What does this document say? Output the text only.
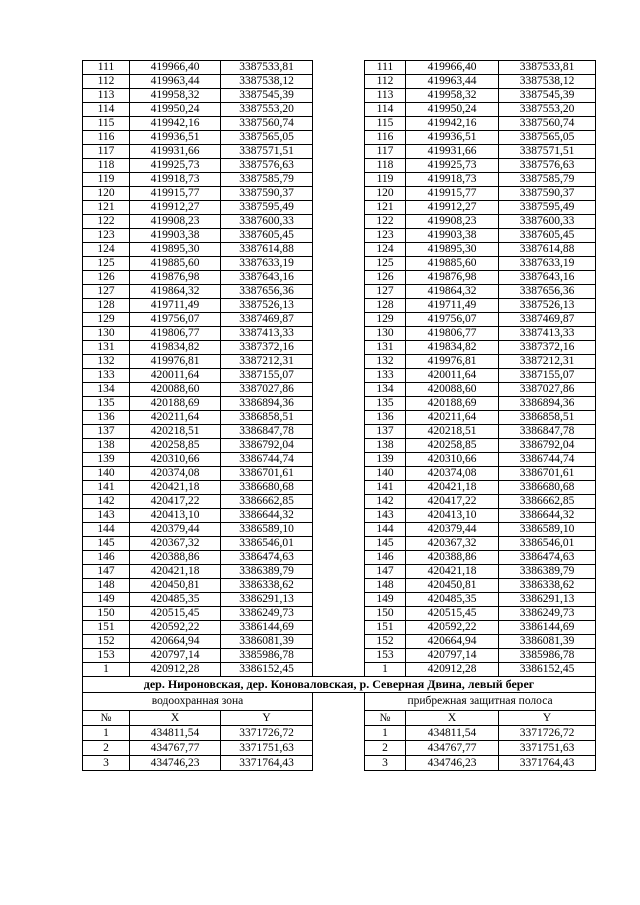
111	419966,40	3387533,81		111	419966,40	3387533,81
112	419963,44	3387538,12		112	419963,44	3387538,12
113	419958,32	3387545,39		113	419958,32	3387545,39
114	419950,24	3387553,20		114	419950,24	3387553,20
115	419942,16	3387560,74		115	419942,16	3387560,74
116	419936,51	3387565,05		116	419936,51	3387565,05
117	419931,66	3387571,51		117	419931,66	3387571,51
118	419925,73	3387576,63		118	419925,73	3387576,63
119	419918,73	3387585,79		119	419918,73	3387585,79
120	419915,77	3387590,37		120	419915,77	3387590,37
121	419912,27	3387595,49		121	419912,27	3387595,49
122	419908,23	3387600,33		122	419908,23	3387600,33
123	419903,38	3387605,45		123	419903,38	3387605,45
124	419895,30	3387614,88		124	419895,30	3387614,88
125	419885,60	3387633,19		125	419885,60	3387633,19
126	419876,98	3387643,16		126	419876,98	3387643,16
127	419864,32	3387656,36		127	419864,32	3387656,36
128	419711,49	3387526,13		128	419711,49	3387526,13
129	419756,07	3387469,87		129	419756,07	3387469,87
130	419806,77	3387413,33		130	419806,77	3387413,33
131	419834,82	3387372,16		131	419834,82	3387372,16
132	419976,81	3387212,31		132	419976,81	3387212,31
133	420011,64	3387155,07		133	420011,64	3387155,07
134	420088,60	3387027,86		134	420088,60	3387027,86
135	420188,69	3386894,36		135	420188,69	3386894,36
136	420211,64	3386858,51		136	420211,64	3386858,51
137	420218,51	3386847,78		137	420218,51	3386847,78
138	420258,85	3386792,04		138	420258,85	3386792,04
139	420310,66	3386744,74		139	420310,66	3386744,74
140	420374,08	3386701,61		140	420374,08	3386701,61
141	420421,18	3386680,68		141	420421,18	3386680,68
142	420417,22	3386662,85		142	420417,22	3386662,85
143	420413,10	3386644,32		143	420413,10	3386644,32
144	420379,44	3386589,10		144	420379,44	3386589,10
145	420367,32	3386546,01		145	420367,32	3386546,01
146	420388,86	3386474,63		146	420388,86	3386474,63
147	420421,18	3386389,79		147	420421,18	3386389,79
148	420450,81	3386338,62		148	420450,81	3386338,62
149	420485,35	3386291,13		149	420485,35	3386291,13
150	420515,45	3386249,73		150	420515,45	3386249,73
151	420592,22	3386144,69		151	420592,22	3386144,69
152	420664,94	3386081,39		152	420664,94	3386081,39
153	420797,14	3385986,78		153	420797,14	3385986,78
1	420912,28	3386152,45		1	420912,28	3386152,45
дер. Нироновская, дер. Коноваловская, р. Северная Двина, левый берег						
водоохранная зона				прибрежная защитная полоса		
№	X	Y		№	X	Y
1	434811,54	3371726,72		1	434811,54	3371726,72
2	434767,77	3371751,63		2	434767,77	3371751,63
3	434746,23	3371764,43		3	434746,23	3371764,43
